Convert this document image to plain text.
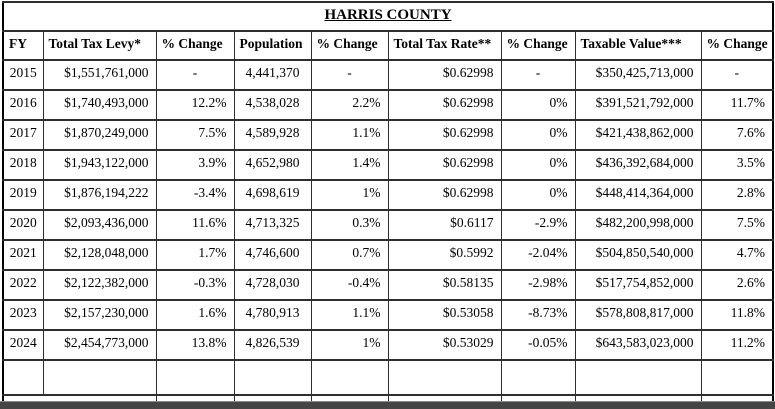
HARRIS COUNTY								
FY	Total Tax Levy*	% Change	Population	% Change	Total Tax Rate**	% Change	Taxable Value***	% Change
2015	$1,551,761,000	-	4,441,370	-	$0.62998	-	$350,425,713,000	-
2016	$1,740,493,000	12.2%	4,538,028	2.2%	$0.62998	0%	$391,521,792,000	11.7%
2017	$1,870,249,000	7.5%	4,589,928	1.1%	$0.62998	0%	$421,438,862,000	7.6%
2018	$1,943,122,000	3.9%	4,652,980	1.4%	$0.62998	0%	$436,392,684,000	3.5%
2019	$1,876,194,222	-3.4%	4,698,619	1%	$0.62998	0%	$448,414,364,000	2.8%
2020	$2,093,436,000	11.6%	4,713,325	0.3%	$0.6117	-2.9%	$482,200,998,000	7.5%
2021	$2,128,048,000	1.7%	4,746,600	0.7%	$0.5992	-2.04%	$504,850,540,000	4.7%
2022	$2,122,382,000	-0.3%	4,728,030	-0.4%	$0.58135	-2.98%	$517,754,852,000	2.6%
2023	$2,157,230,000	1.6%	4,780,913	1.1%	$0.53058	-8.73%	$578,808,817,000	11.8%
2024	$2,454,773,000	13.8%	4,826,539	1%	$0.53029	-0.05%	$643,583,023,000	11.2%
